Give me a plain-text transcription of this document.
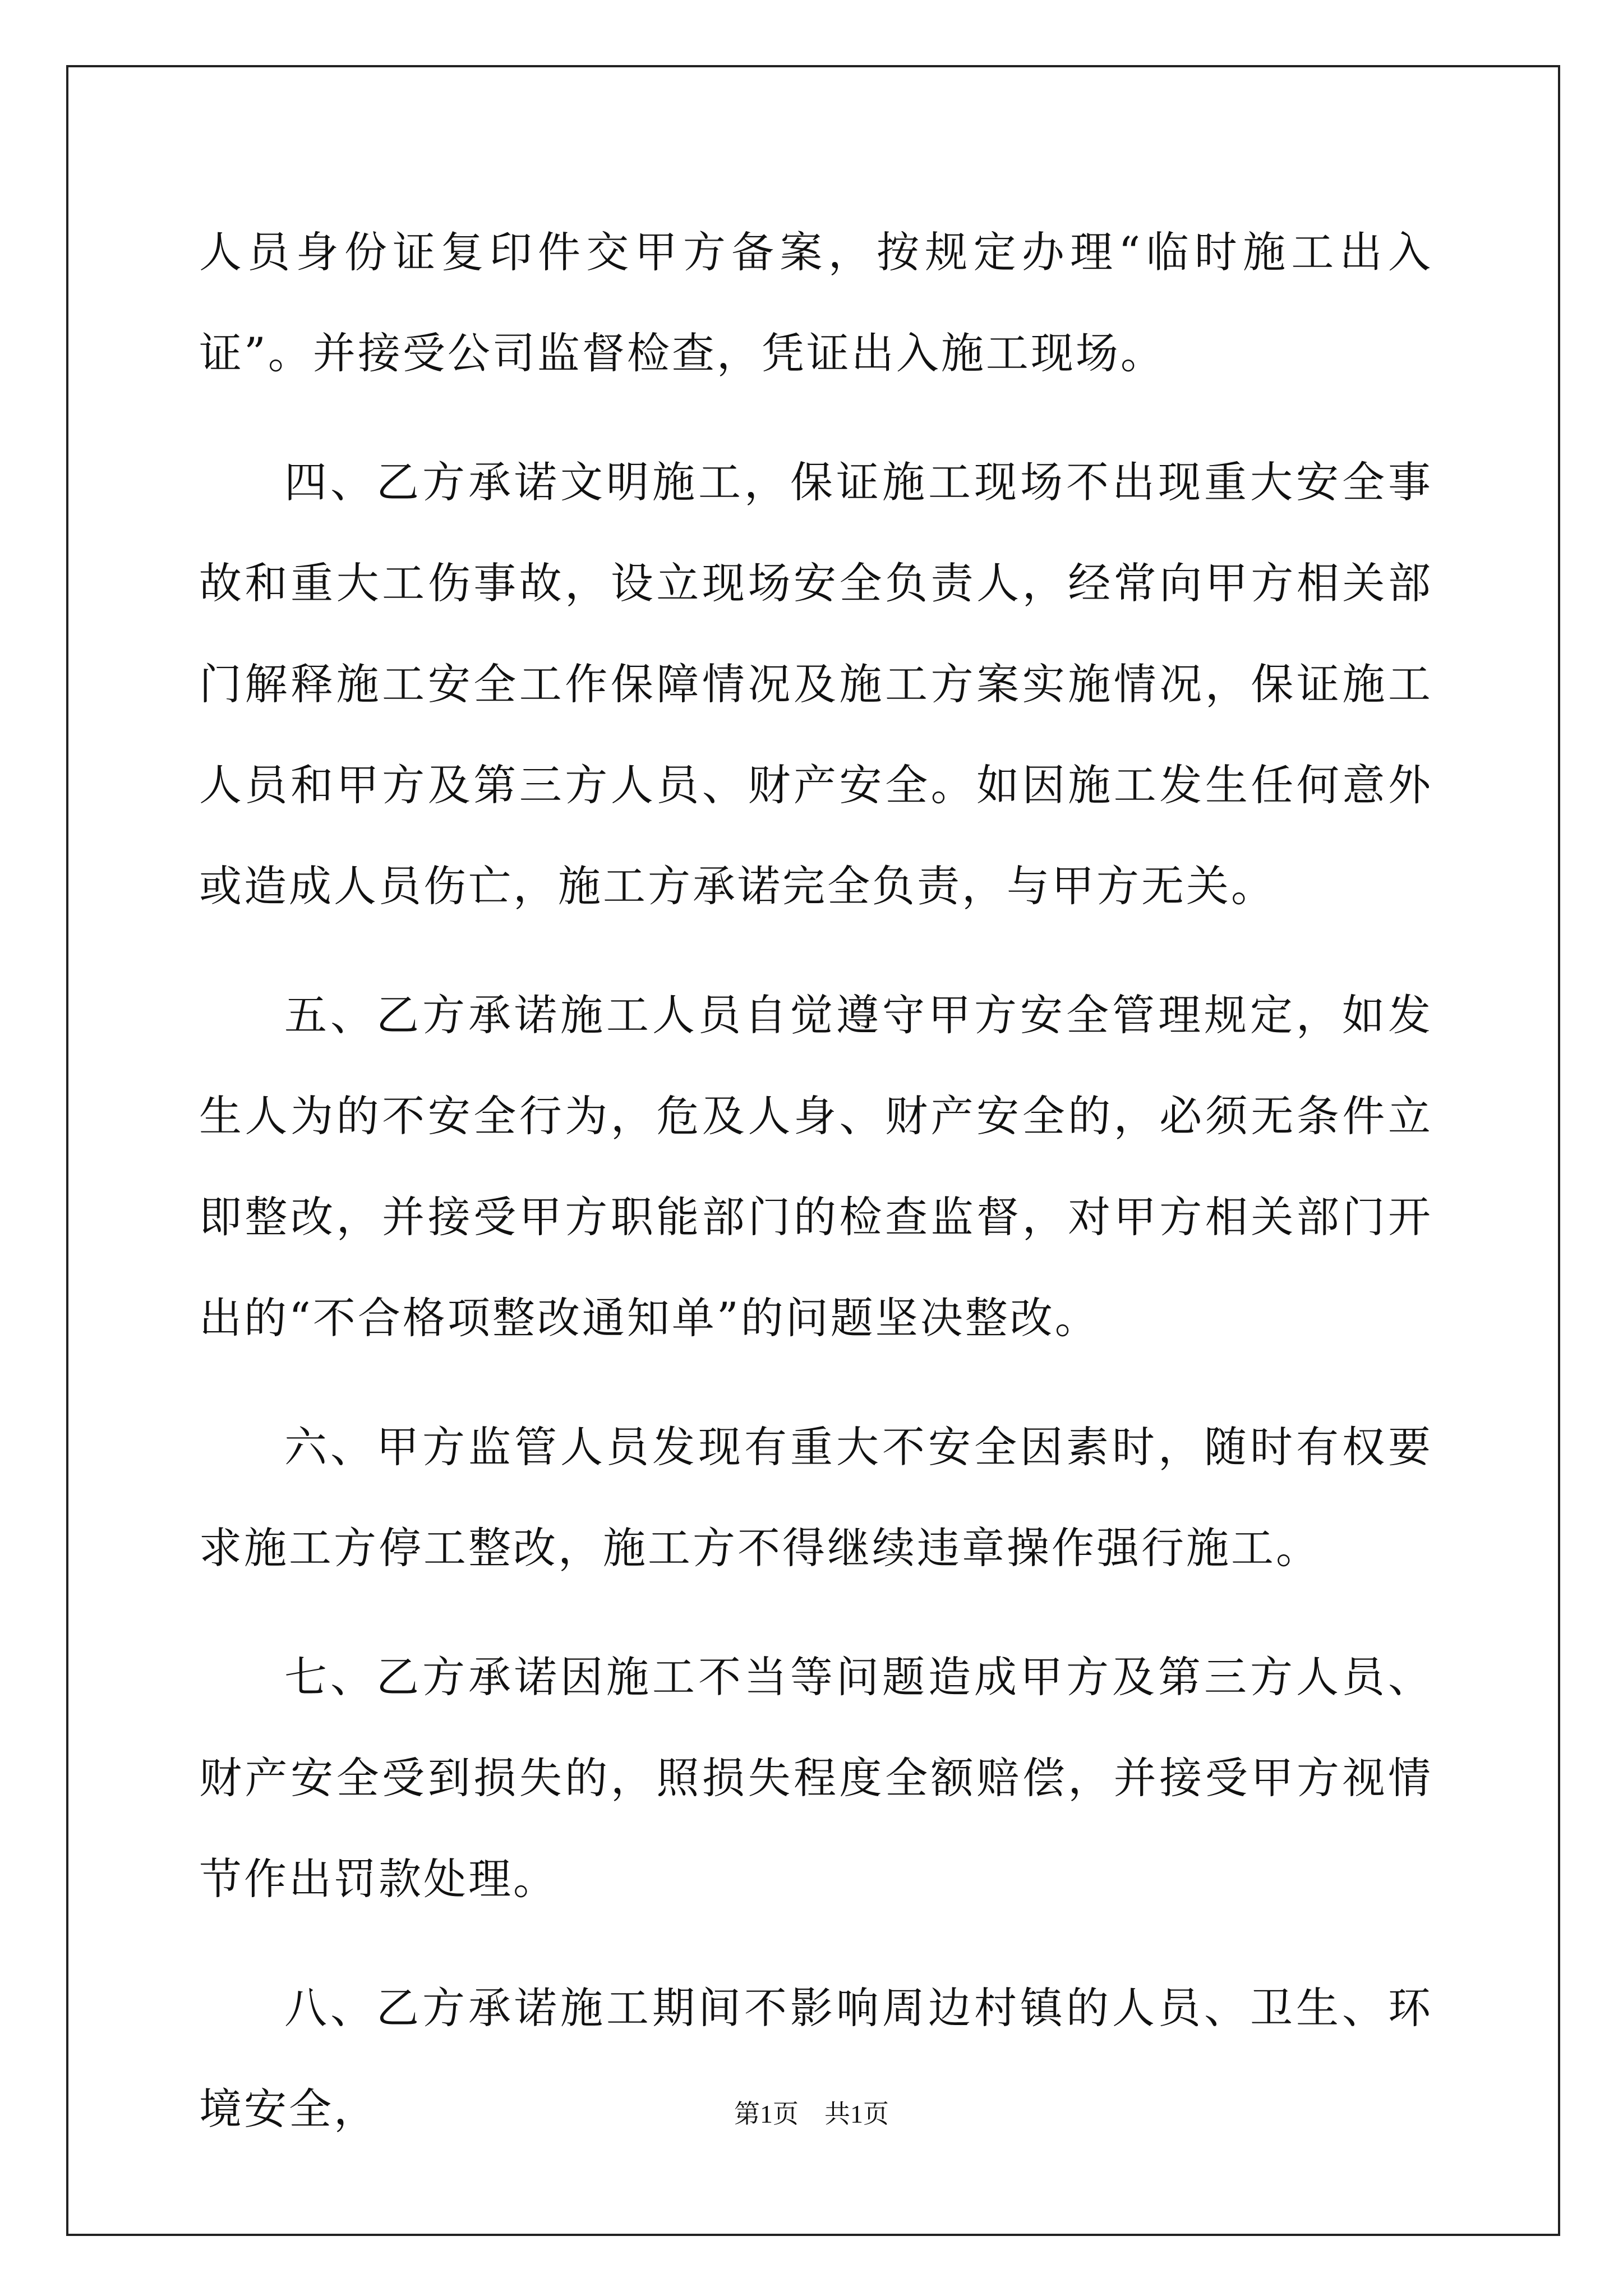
人员身份证复印件交甲方备案，按规定办理“临时施工出入证”。并接受公司监督检查，凭证出入施工现场。

四、乙方承诺文明施工，保证施工现场不出现重大安全事故和重大工伤事故，设立现场安全负责人，经常向甲方相关部门解释施工安全工作保障情况及施工方案实施情况，保证施工人员和甲方及第三方人员、财产安全。如因施工发生任何意外或造成人员伤亡，施工方承诺完全负责，与甲方无关。

五、乙方承诺施工人员自觉遵守甲方安全管理规定，如发生人为的不安全行为，危及人身、财产安全的，必须无条件立即整改，并接受甲方职能部门的检查监督，对甲方相关部门开出的“不合格项整改通知单”的问题坚决整改。

六、甲方监管人员发现有重大不安全因素时，随时有权要求施工方停工整改，施工方不得继续违章操作强行施工。

七、乙方承诺因施工不当等问题造成甲方及第三方人员、财产安全受到损失的，照损失程度全额赔偿，并接受甲方视情节作出罚款处理。

八、乙方承诺施工期间不影响周边村镇的人员、卫生、环境安全，	第1页 共1页
